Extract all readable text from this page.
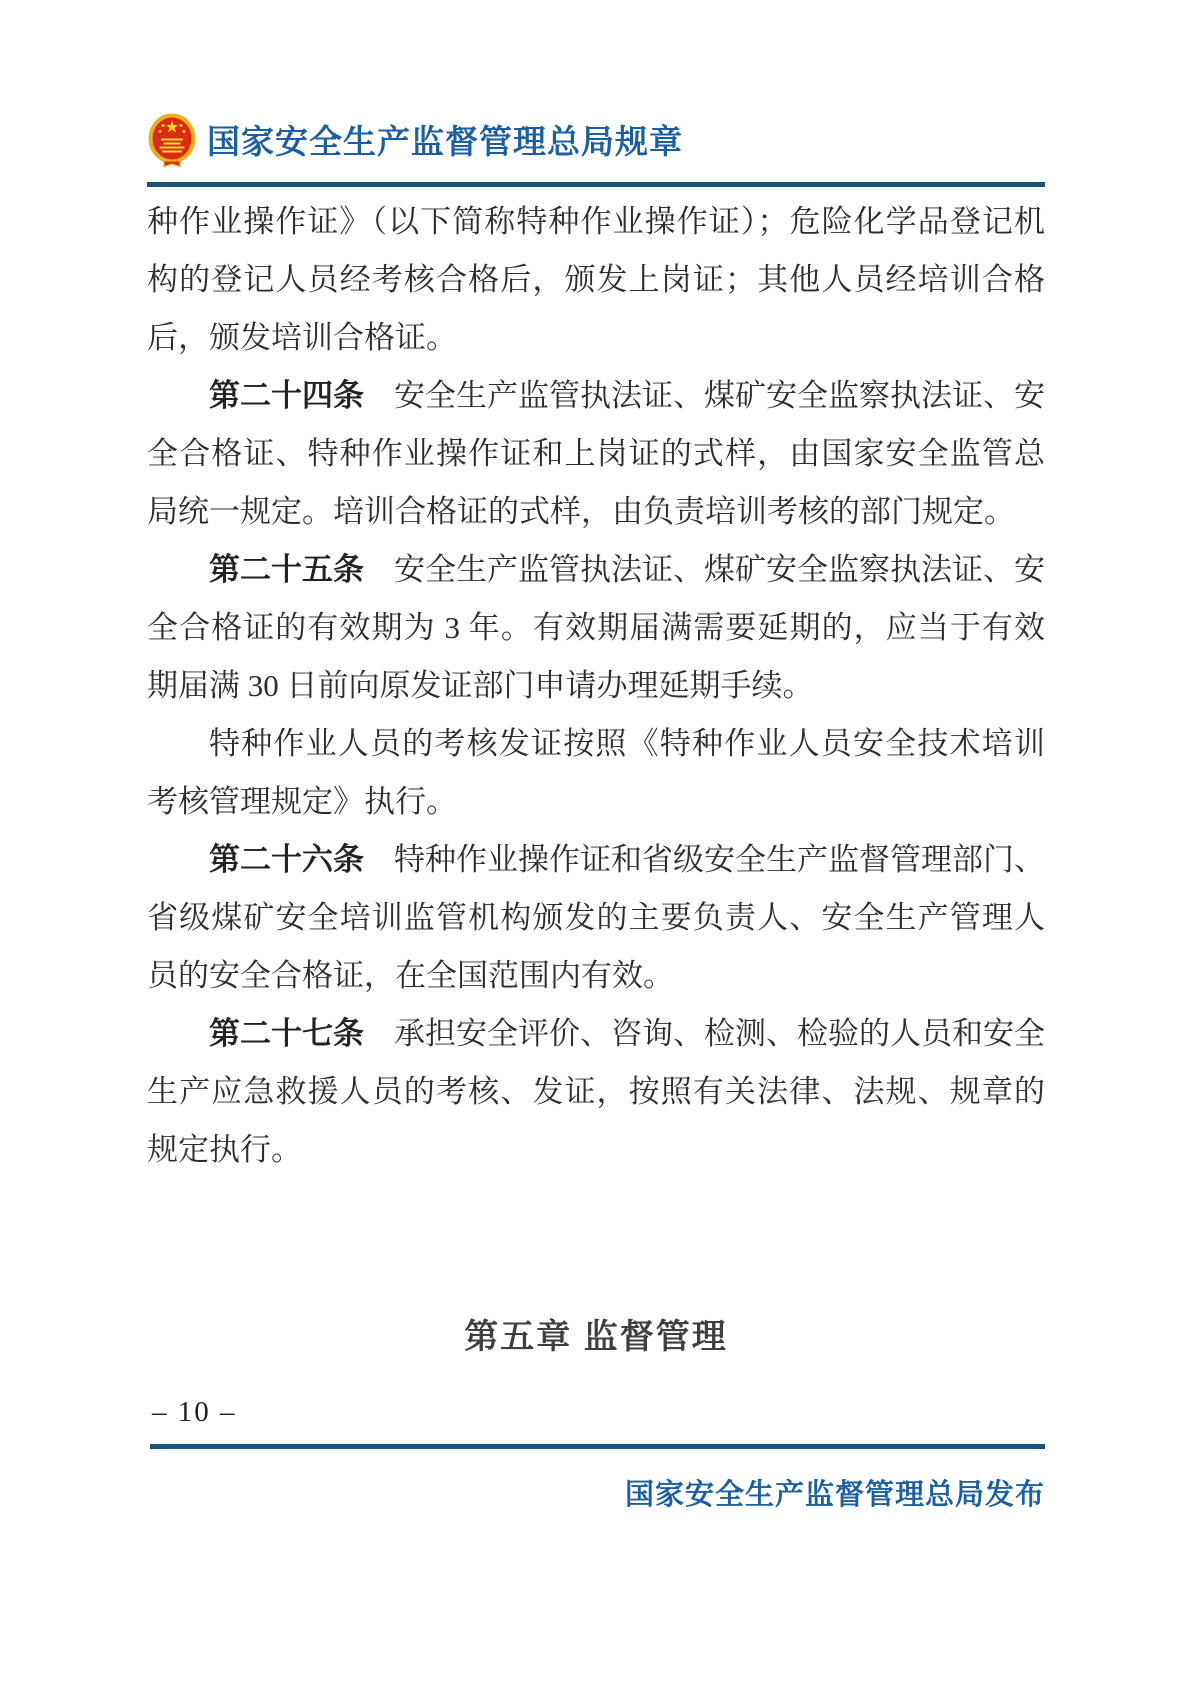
国家安全生产监督管理总局规章

种作业操作证》（以下简称特种作业操作证）；危险化学品登记机构的登记人员经考核合格后，颁发上岗证；其他人员经培训合格后，颁发培训合格证。

第二十四条 安全生产监管执法证、煤矿安全监察执法证、安全合格证、特种作业操作证和上岗证的式样，由国家安全监管总局统一规定。培训合格证的式样，由负责培训考核的部门规定。

第二十五条 安全生产监管执法证、煤矿安全监察执法证、安全合格证的有效期为 3 年。有效期届满需要延期的，应当于有效期届满 30 日前向原发证部门申请办理延期手续。

特种作业人员的考核发证按照《特种作业人员安全技术培训考核管理规定》执行。

第二十六条 特种作业操作证和省级安全生产监督管理部门、省级煤矿安全培训监管机构颁发的主要负责人、安全生产管理人员的安全合格证，在全国范围内有效。

第二十七条 承担安全评价、咨询、检测、检验的人员和安全生产应急救援人员的考核、发证，按照有关法律、法规、规章的规定执行。

第五章 监督管理
– 10 –
国家安全生产监督管理总局发布
